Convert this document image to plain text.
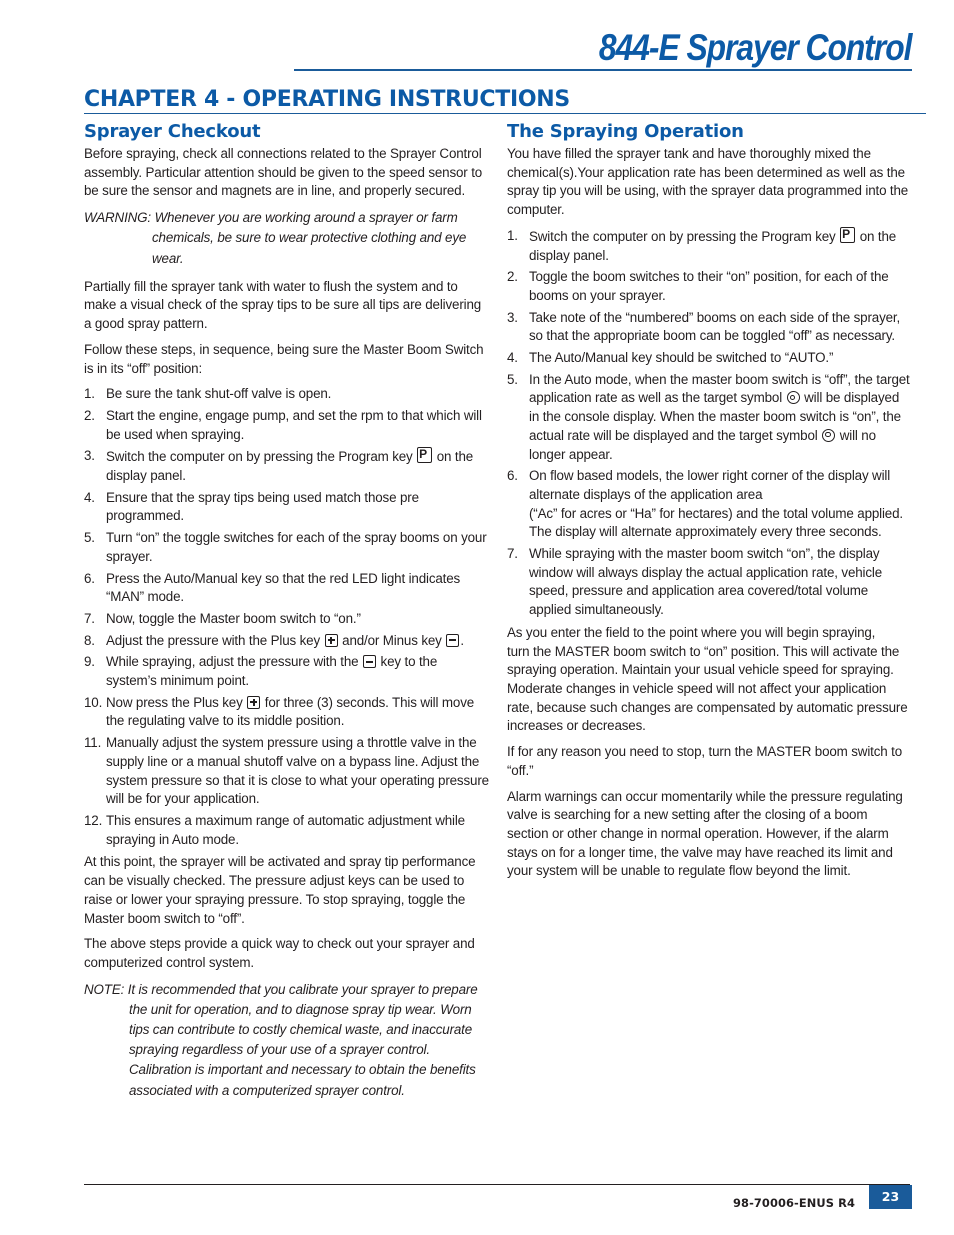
844-E Sprayer Control
CHAPTER 4 - OPERATING INSTRUCTIONS
Sprayer Checkout

Before spraying, check all connections related to the Sprayer Control assembly. Particular attention should be given to the speed sensor to be sure the sensor and magnets are in line, and properly secured.

WARNING: Whenever you are working around a sprayer or farm
chemicals, be sure to wear protective clothing and eye wear.

Partially fill the sprayer tank with water to flush the system and to make a visual check of the spray tips to be sure all tips are delivering a good spray pattern.

Follow these steps, in sequence, being sure the Master Boom Switch is in its “off” position:

1. Be sure the tank shut-off valve is open.
2. Start the engine, engage pump, and set the rpm to that which will be used when spraying.
3. Switch the computer on by pressing the Program key P on the display panel.
4. Ensure that the spray tips being used match those pre programmed.
5. Turn “on” the toggle switches for each of the spray booms on your sprayer.
6. Press the Auto/Manual key so that the red LED light indicates “MAN” mode.
7. Now, toggle the Master boom switch to “on.”
8. Adjust the pressure with the Plus key  and/or Minus key .
9. While spraying, adjust the pressure with the  key to the system’s minimum point.
10. Now press the Plus key  for three (3) seconds. This will move the regulating valve to its middle position.
11. Manually adjust the system pressure using a throttle valve in the supply line or a manual shutoff valve on a bypass line. Adjust the system pressure so that it is close to what your operating pressure will be for your application.
12. This ensures a maximum range of automatic adjustment while spraying in Auto mode.

At this point, the sprayer will be activated and spray tip performance can be visually checked. The pressure adjust keys can be used to raise or lower your spraying pressure. To stop spraying, toggle the Master boom switch to “off”.

The above steps provide a quick way to check out your sprayer and computerized control system.

NOTE: It is recommended that you calibrate your sprayer to prepare
the unit for operation, and to diagnose spray tip wear. Worn tips can contribute to costly chemical waste, and inaccurate spraying regardless of your use of a sprayer control. Calibration is important and necessary to obtain the benefits associated with a computerized sprayer control.
The Spraying Operation

You have filled the sprayer tank and have thoroughly mixed the chemical(s).Your application rate has been determined as well as the spray tip you will be using, with the sprayer data programmed into the computer.

1. Switch the computer on by pressing the Program key P on the display panel.
2. Toggle the boom switches to their “on” position, for each of the booms on your sprayer.
3. Take note of the “numbered” booms on each side of the sprayer, so that the appropriate boom can be toggled “off” as necessary.
4. The Auto/Manual key should be switched to “AUTO.”
5. In the Auto mode, when the master boom switch is “off”, the target application rate as well as the target symbol  will be displayed in the console display. When the master boom switch is “on”, the actual rate will be displayed and the target symbol  will no longer appear.
6. On flow based models, the lower right corner of the display will alternate displays of the application area
(“Ac” for acres or “Ha” for hectares) and the total volume applied. The display will alternate approximately every three seconds.
7. While spraying with the master boom switch “on”, the display window will always display the actual application rate, vehicle speed, pressure and application area covered/total volume applied simultaneously.

As you enter the field to the point where you will begin spraying,
turn the MASTER boom switch to “on” position. This will activate the spraying operation. Maintain your usual vehicle speed for spraying. Moderate changes in vehicle speed will not affect your application rate, because such changes are compensated by automatic pressure increases or decreases.

If for any reason you need to stop, turn the MASTER boom switch to “off.”

Alarm warnings can occur momentarily while the pressure regulating valve is searching for a new setting after the closing of a boom section or other change in normal operation. However, if the alarm stays on for a longer time, the valve may have reached its limit and your system will be unable to regulate flow beyond the limit.

98-70006-ENUS R4	23
